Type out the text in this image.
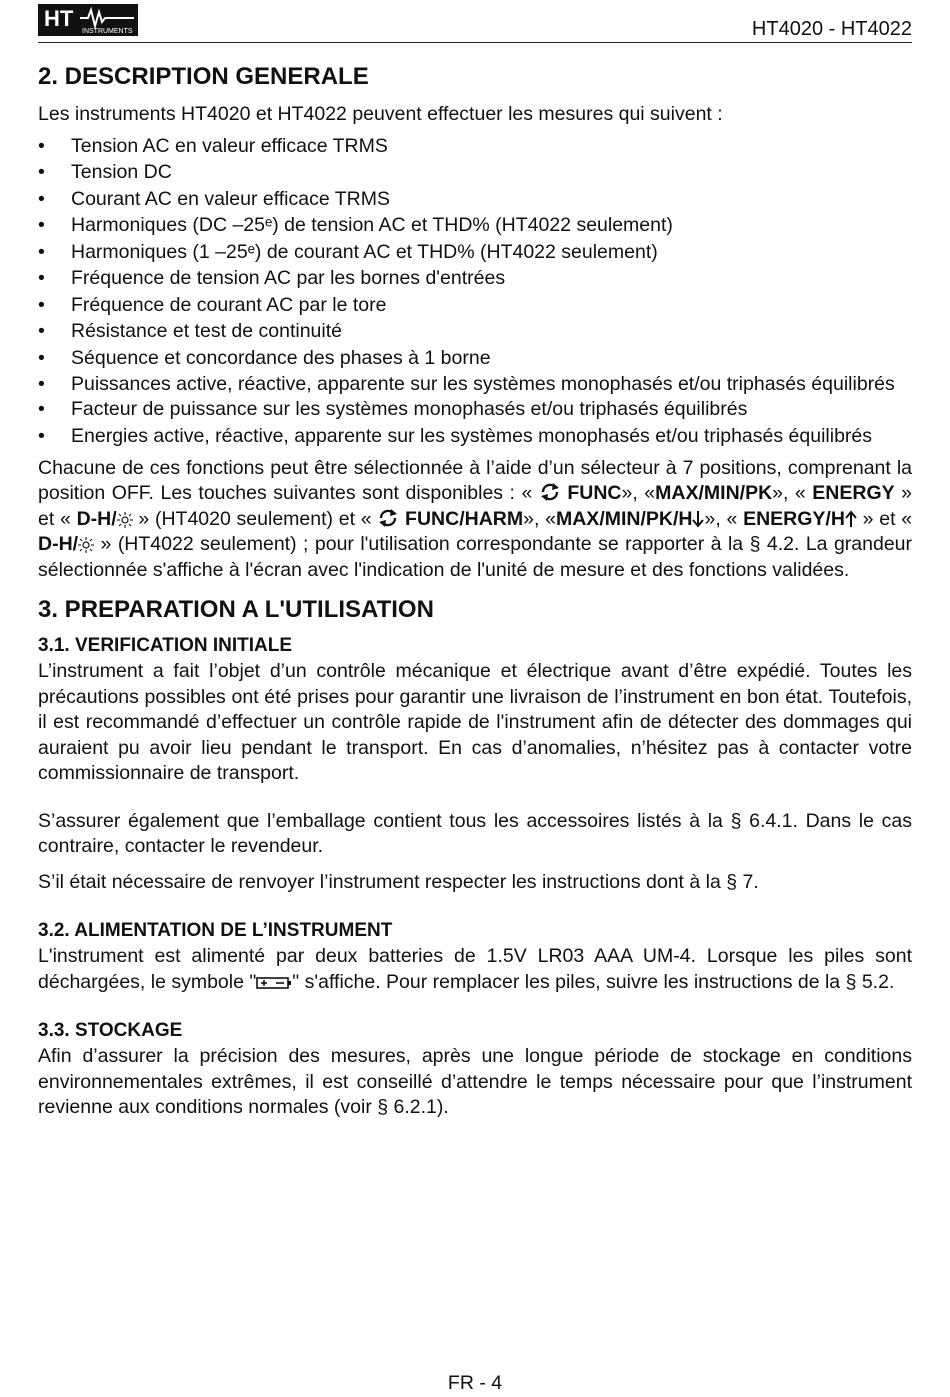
HT
INSTRUMENTS	HT4020 - HT4022
2. DESCRIPTION GENERALE

Les instruments HT4020 et HT4022 peuvent effectuer les mesures qui suivent :

• Tension AC en valeur efficace TRMS
• Tension DC
• Courant AC en valeur efficace TRMS
• Harmoniques (DC –25ᵉ) de tension AC et THD% (HT4022 seulement)
• Harmoniques (1 –25ᵉ) de courant AC et THD% (HT4022 seulement)
• Fréquence de tension AC par les bornes d'entrées
• Fréquence de courant AC par le tore
• Résistance et test de continuité
• Séquence et concordance des phases à 1 borne
• Puissances active, réactive, apparente sur les systèmes monophasés et/ou triphasés équilibrés
• Facteur de puissance sur les systèmes monophasés et/ou triphasés équilibrés
• Energies active, réactive, apparente sur les systèmes monophasés et/ou triphasés équilibrés

Chacune de ces fonctions peut être sélectionnée à l’aide d’un sélecteur à 7 positions, comprenant la position OFF. Les touches suivantes sont disponibles : « FUNC», «MAX/MIN/PK», « ENERGY » et « D-H/ » (HT4020 seulement) et « FUNC/HARM», «MAX/MIN/PK/H », « ENERGY/H » et « D-H/ » (HT4022 seulement) ; pour l'utilisation correspondante se rapporter à la § 4.2. La grandeur sélectionnée s'affiche à l'écran avec l'indication de l'unité de mesure et des fonctions validées.

3. PREPARATION A L'UTILISATION
3.1. VERIFICATION INITIALE

L’instrument a fait l’objet d’un contrôle mécanique et électrique avant d’être expédié. Toutes les précautions possibles ont été prises pour garantir une livraison de l’instrument en bon état. Toutefois, il est recommandé d’effectuer un contrôle rapide de l'instrument afin de détecter des dommages qui auraient pu avoir lieu pendant le transport. En cas d’anomalies, n’hésitez pas à contacter votre commissionnaire de transport.

S’assurer également que l’emballage contient tous les accessoires listés à la § 6.4.1. Dans le cas contraire, contacter le revendeur.

S’il était nécessaire de renvoyer l’instrument respecter les instructions dont à la § 7.

3.2. ALIMENTATION DE L’INSTRUMENT

L'instrument est alimenté par deux batteries de 1.5V LR03 AAA UM-4. Lorsque les piles sont déchargées, le symbole " " s'affiche. Pour remplacer les piles, suivre les instructions de la § 5.2.

3.3. STOCKAGE

Afin d’assurer la précision des mesures, après une longue période de stockage en conditions environnementales extrêmes, il est conseillé d’attendre le temps nécessaire pour que l’instrument revienne aux conditions normales (voir § 6.2.1).

FR - 4
